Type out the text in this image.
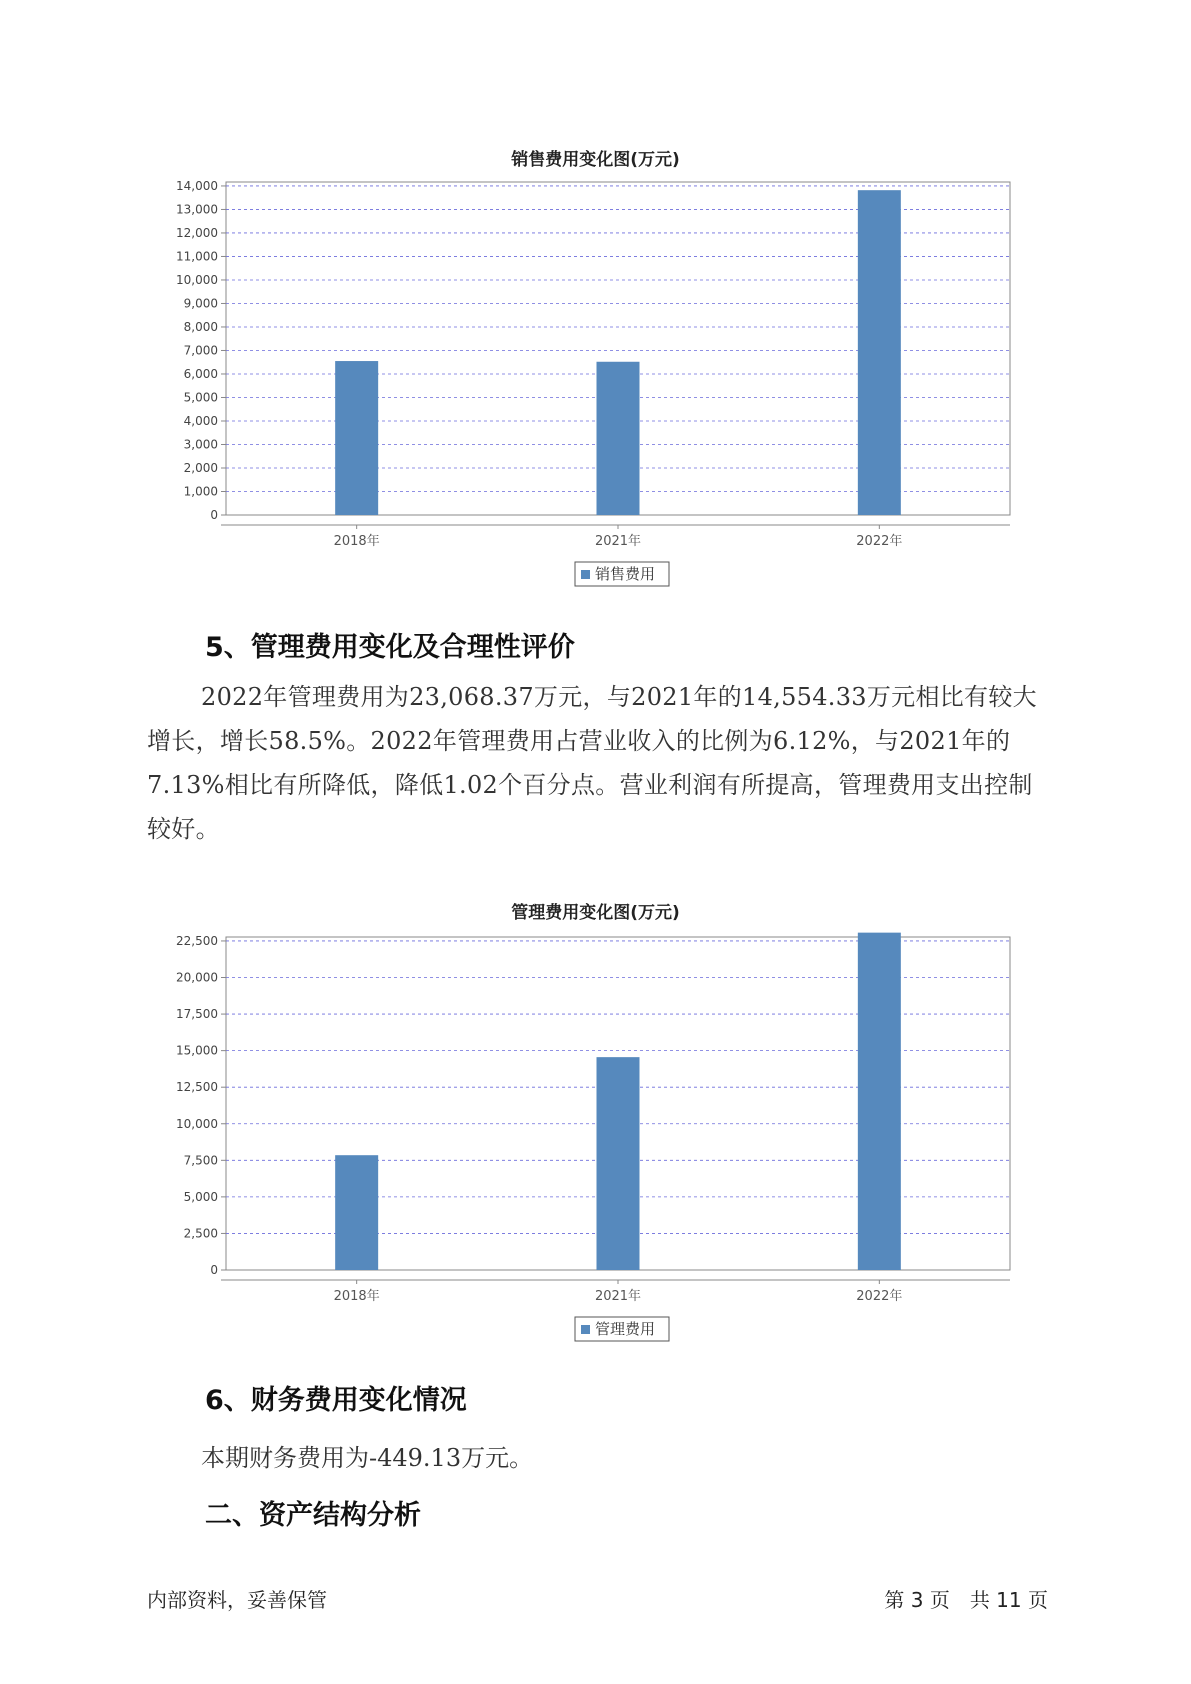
销售费用变化图(万元)
0
1,000
2,000
3,000
4,000
5,000
6,000
7,000
8,000
9,000
10,000
11,000
12,000
13,000
14,000
2018年	2021年	2022年
销售费用
5、管理费用变化及合理性评价
2022年管理费用为23,068.37万元，与2021年的14,554.33万元相比有较大增长，增长58.5%。2022年管理费用占营业收入的比例为6.12%，与2021年的7.13%相比有所降低，降低1.02个百分点。营业利润有所提高，管理费用支出控制较好。
管理费用变化图(万元)
0
2,500
5,000
7,500
10,000
12,500
15,000
17,500
20,000
22,500
2018年	2021年	2022年
管理费用
6、财务费用变化情况
本期财务费用为-449.13万元。
二、资产结构分析
内部资料，妥善保管	第 3 页　共 11 页
